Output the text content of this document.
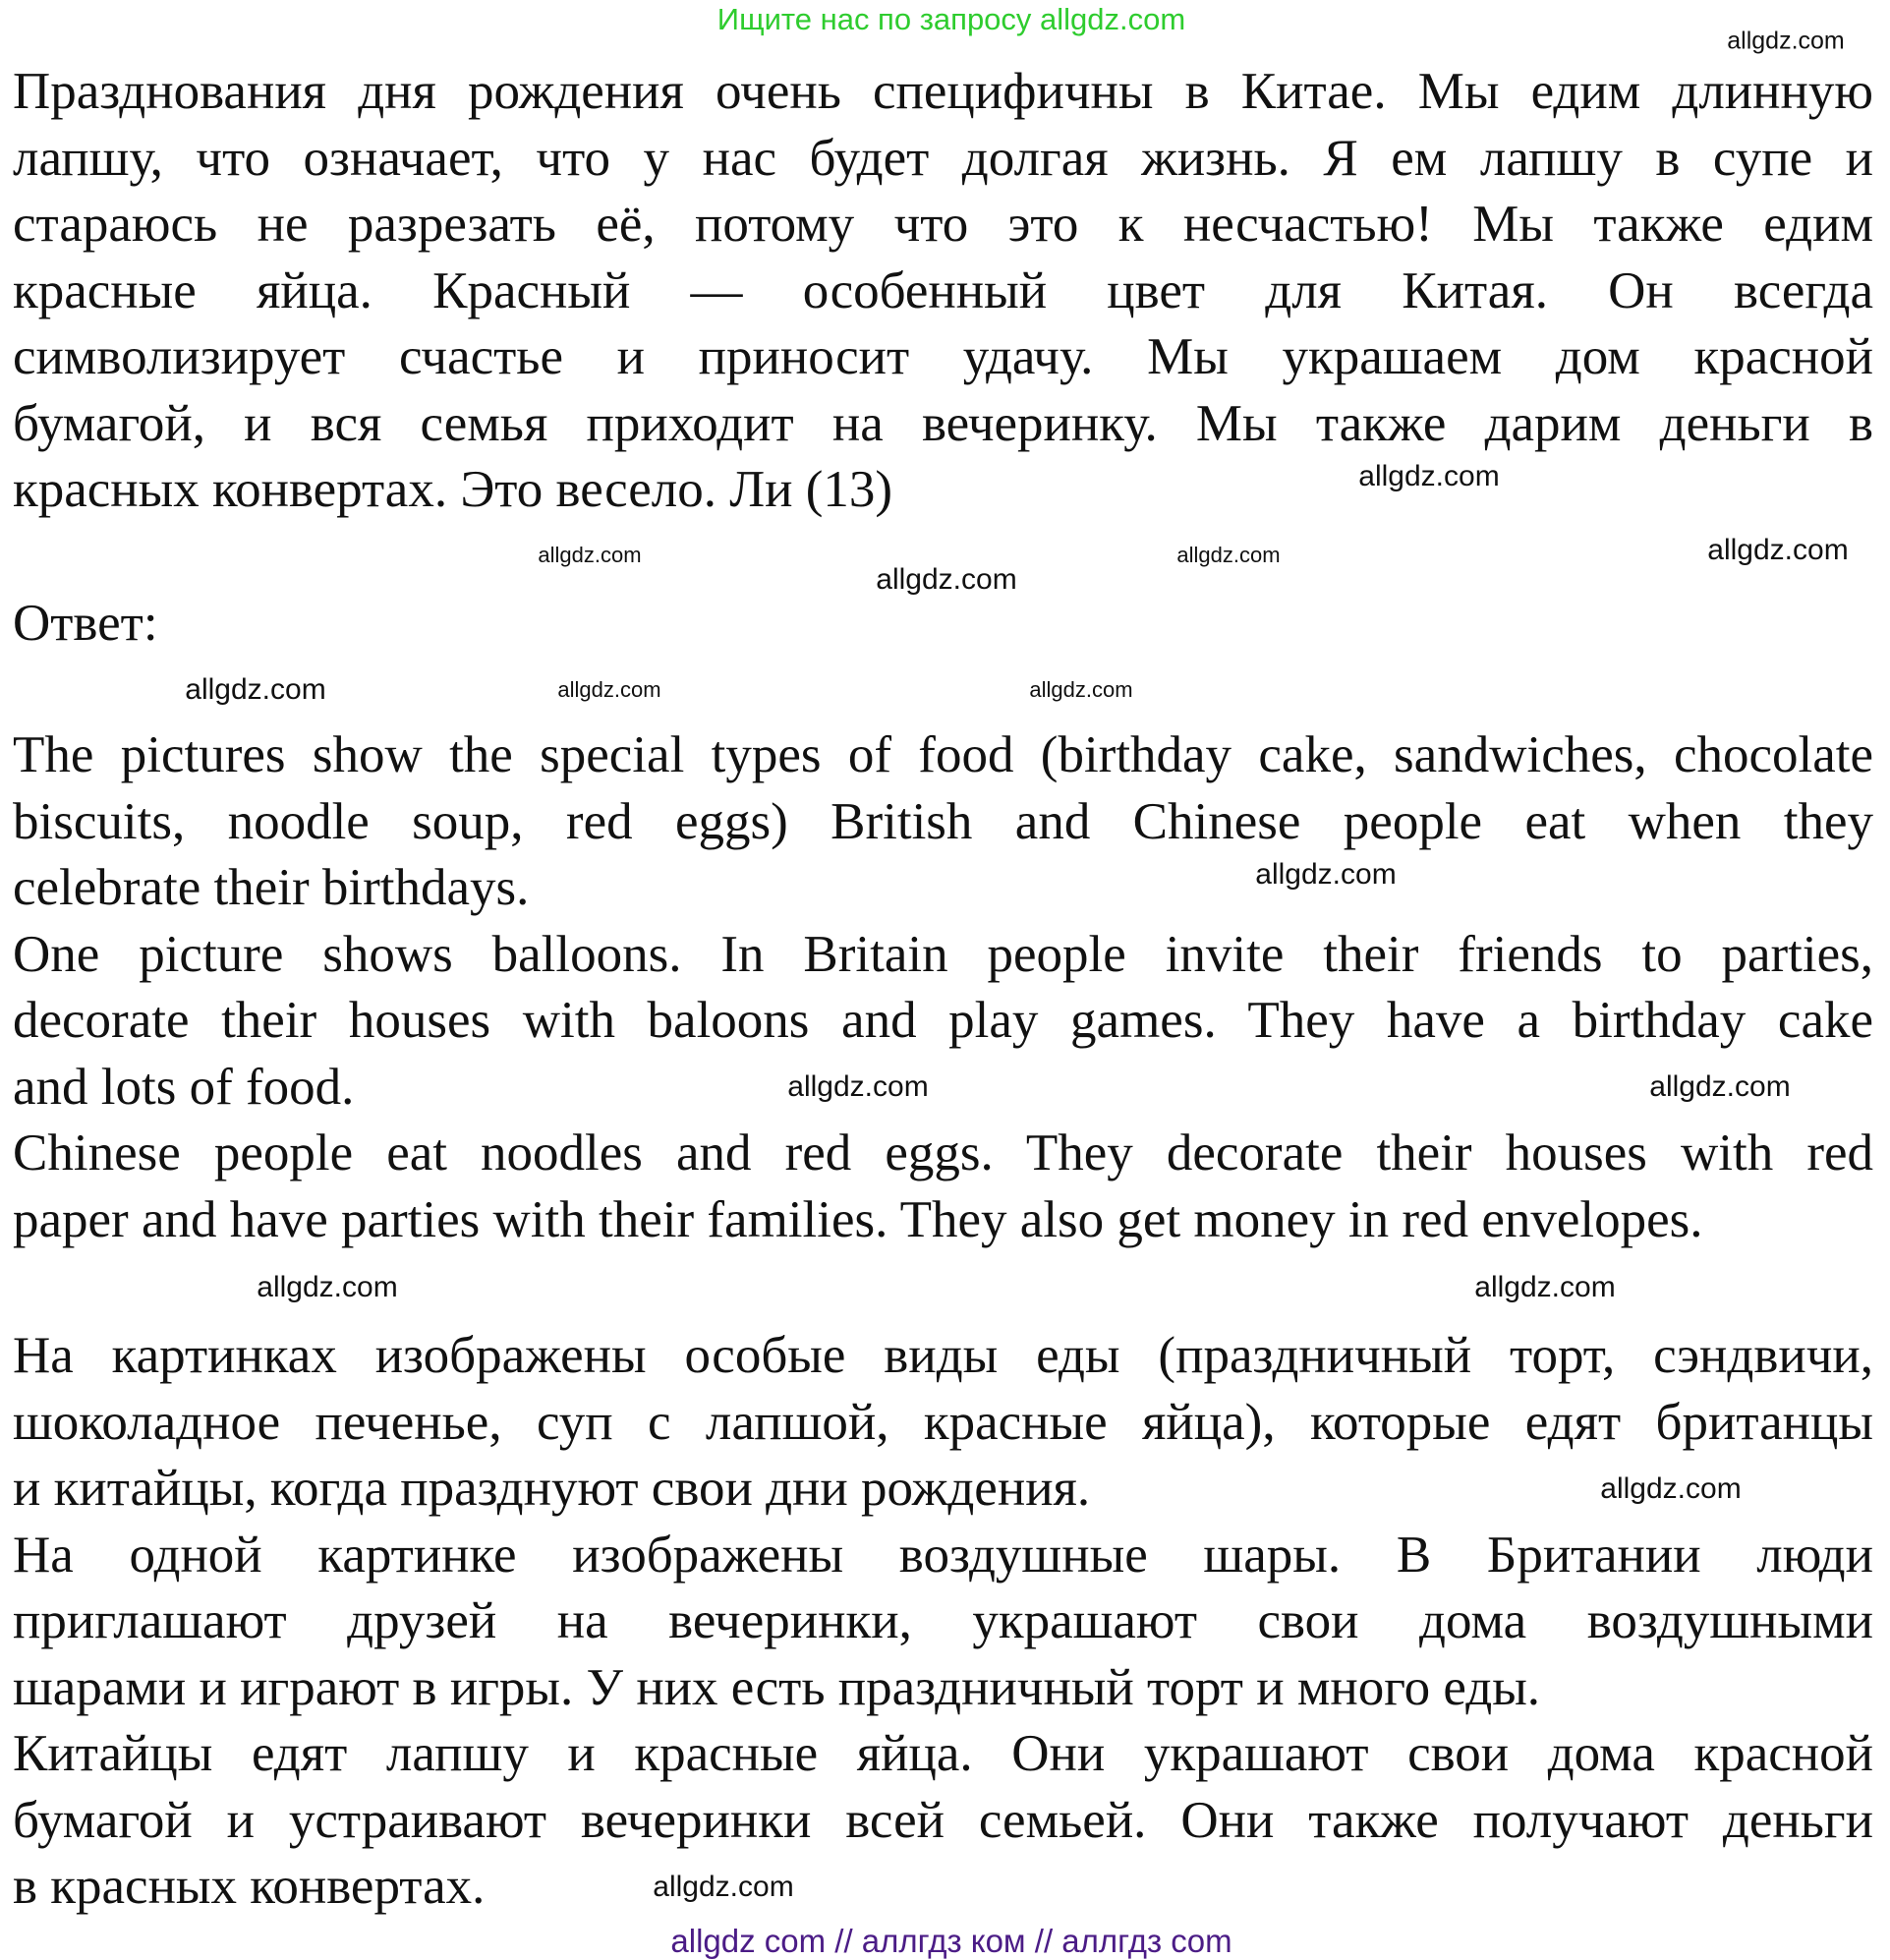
Ищите нас по запросу allgdz.com
Празднования дня рождения очень специфичны в Китае. Мы едим длинную
лапшу, что означает, что у нас будет долгая жизнь. Я ем лапшу в супе и
стараюсь не разрезать её, потому что это к несчастью! Мы также едим
красные яйца. Красный — особенный цвет для Китая. Он всегда
символизирует счастье и приносит удачу. Мы украшаем дом красной
бумагой, и вся семья приходит на вечеринку. Мы также дарим деньги в
красных конвертах. Это весело. Ли (13)
Ответ:
The pictures show the special types of food (birthday cake, sandwiches, chocolate
biscuits, noodle soup, red eggs) British and Chinese people eat when they
celebrate their birthdays.
One picture shows balloons. In Britain people invite their friends to parties,
decorate their houses with baloons and play games. They have a birthday cake
and lots of food.
Chinese people eat noodles and red eggs. They decorate their houses with red
paper and have parties with their families. They also get money in red envelopes.
На картинках изображены особые виды еды (праздничный торт, сэндвичи,
шоколадное печенье, суп с лапшой, красные яйца), которые едят британцы
и китайцы, когда празднуют свои дни рождения.
На одной картинке изображены воздушные шары. В Британии люди
приглашают друзей на вечеринки, украшают свои дома воздушными
шарами и играют в игры. У них есть праздничный торт и много еды.
Китайцы едят лапшу и красные яйца. Они украшают свои дома красной
бумагой и устраивают вечеринки всей семьей. Они также получают деньги
в красных конвертах.
allgdz.com
allgdz.com	allgdz.com
allgdz.com
allgdz.com
allgdz.com
allgdz.com
allgdz.com
allgdz.com
allgdz.com
allgdz.com
allgdz.com
allgdz.com
allgdz.com	allgdz.com
allgdz.com
allgdz com // аллгдз ком // аллгдз com
